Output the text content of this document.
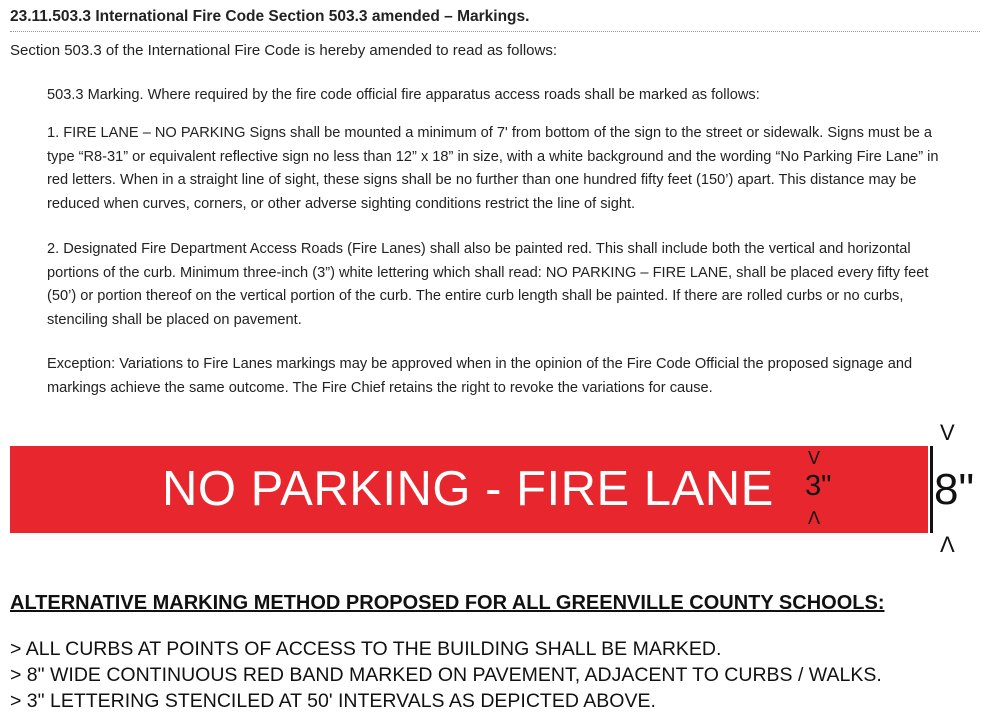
23.11.503.3 International Fire Code Section 503.3 amended – Markings.
Section 503.3 of the International Fire Code is hereby amended to read as follows:
503.3 Marking. Where required by the fire code official fire apparatus access roads shall be marked as follows:
1. FIRE LANE – NO PARKING Signs shall be mounted a minimum of 7' from bottom of the sign to the street or sidewalk. Signs must be a type “R8-31” or equivalent reflective sign no less than 12” x 18” in size, with a white background and the wording “No Parking Fire Lane” in red letters. When in a straight line of sight, these signs shall be no further than one hundred fifty feet (150’) apart. This distance may be reduced when curves, corners, or other adverse sighting conditions restrict the line of sight.
2. Designated Fire Department Access Roads (Fire Lanes) shall also be painted red. This shall include both the vertical and horizontal portions of the curb. Minimum three-inch (3”) white lettering which shall read: NO PARKING – FIRE LANE, shall be placed every fifty feet (50’) or portion thereof on the vertical portion of the curb. The entire curb length shall be painted. If there are rolled curbs or no curbs, stenciling shall be placed on pavement.
Exception: Variations to Fire Lanes markings may be approved when in the opinion of the Fire Code Official the proposed signage and markings achieve the same outcome. The Fire Chief retains the right to revoke the variations for cause.
NO PARKING - FIRE LANE
V
3"
Λ
V
8"
Λ
ALTERNATIVE MARKING METHOD PROPOSED FOR ALL GREENVILLE COUNTY SCHOOLS:
> ALL CURBS AT POINTS OF ACCESS TO THE BUILDING SHALL BE MARKED.
> 8" WIDE CONTINUOUS RED BAND MARKED ON PAVEMENT, ADJACENT TO CURBS / WALKS.
> 3" LETTERING STENCILED AT 50' INTERVALS AS DEPICTED ABOVE.
